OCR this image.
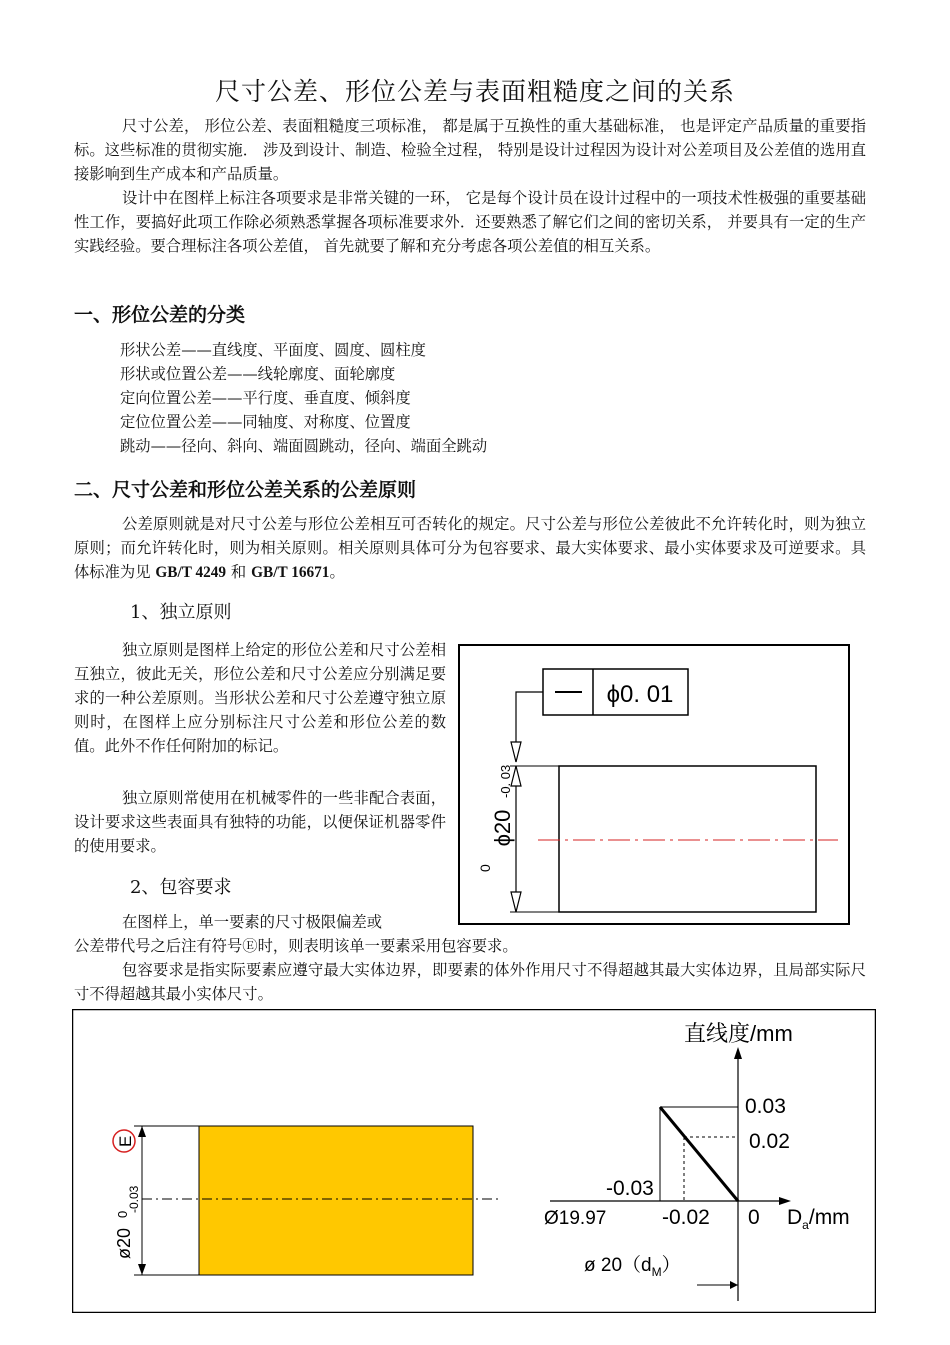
尺寸公差、形位公差与表面粗糙度之间的关系

尺寸公差， 形位公差、表面粗糙度三项标准， 都是属于互换性的重大基础标准， 也是评定产品质量的重要指标。这些标准的贯彻实施． 涉及到设计、制造、检验全过程， 特别是设计过程因为设计对公差项目及公差值的选用直接影响到生产成本和产品质量。

设计中在图样上标注各项要求是非常关键的一环， 它是每个设计员在设计过程中的一项技术性极强的重要基础性工作，要搞好此项工作除必须熟悉掌握各项标准要求外．还要熟悉了解它们之间的密切关系， 并要具有一定的生产实践经验。要合理标注各项公差值， 首先就要了解和充分考虑各项公差值的相互关系。

一、形位公差的分类
形状公差——直线度、平面度、圆度、圆柱度
形状或位置公差——线轮廓度、面轮廓度
定向位置公差——平行度、垂直度、倾斜度
定位位置公差——同轴度、对称度、位置度
跳动——径向、斜向、端面圆跳动，径向、端面全跳动
二、尺寸公差和形位公差关系的公差原则

公差原则就是对尺寸公差与形位公差相互可否转化的规定。尺寸公差与形位公差彼此不允许转化时，则为独立原则；而允许转化时，则为相关原则。相关原则具体可分为包容要求、最大实体要求、最小实体要求及可逆要求。具体标准为见 GB/T 4249 和 GB/T 16671。

1、独立原则

独立原则是图样上给定的形位公差和尺寸公差相互独立，彼此无关，形位公差和尺寸公差应分别满足要求的一种公差原则。当形状公差和尺寸公差遵守独立原则时，在图样上应分别标注尺寸公差和形位公差的数值。此外不作任何附加的标记。

独立原则常使用在机械零件的一些非配合表面，设计要求这些表面具有独特的功能，以便保证机器零件的使用要求。

2、包容要求

在图样上，单一要素的尺寸极限偏差或

公差带代号之后注有符号Ⓔ时，则表明该单一要素采用包容要求。

包容要求是指实际要素应遵守最大实体边界，即要素的体外作用尺寸不得超越其最大实体边界，且局部实际尺寸不得超越其最小实体尺寸。

ϕ0. 01
ϕ20
0
-0. 03
ø20
0
-0.03
E
直线度/mm
0.03
0.02
-0.03
-0.02 0 $D_a/mm$
Ø19.97
ø $20(d_M)$
